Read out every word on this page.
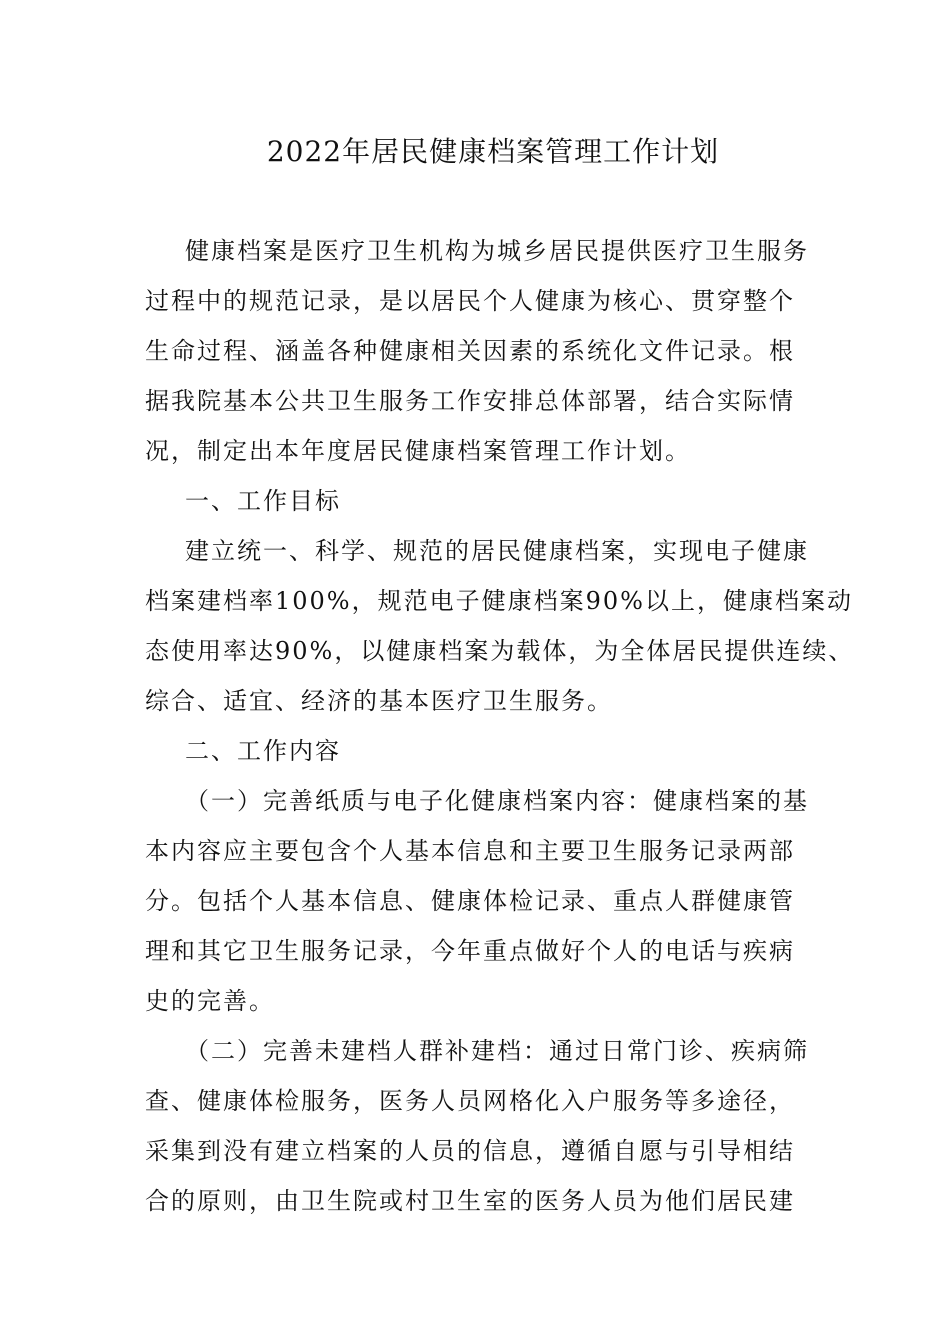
2022年居民健康档案管理工作计划
健康档案是医疗卫生机构为城乡居民提供医疗卫生服务
过程中的规范记录，是以居民个人健康为核心、贯穿整个
生命过程、涵盖各种健康相关因素的系统化文件记录。根
据我院基本公共卫生服务工作安排总体部署，结合实际情
况，制定出本年度居民健康档案管理工作计划。
一、工作目标
建立统一、科学、规范的居民健康档案，实现电子健康
档案建档率100%，规范电子健康档案90%以上，健康档案动
态使用率达90%，以健康档案为载体，为全体居民提供连续、
综合、适宜、经济的基本医疗卫生服务。
二、工作内容
（一）完善纸质与电子化健康档案内容：健康档案的基
本内容应主要包含个人基本信息和主要卫生服务记录两部
分。包括个人基本信息、健康体检记录、重点人群健康管
理和其它卫生服务记录，今年重点做好个人的电话与疾病
史的完善。
（二）完善未建档人群补建档：通过日常门诊、疾病筛
查、健康体检服务，医务人员网格化入户服务等多途径，
采集到没有建立档案的人员的信息，遵循自愿与引导相结
合的原则，由卫生院或村卫生室的医务人员为他们居民建
